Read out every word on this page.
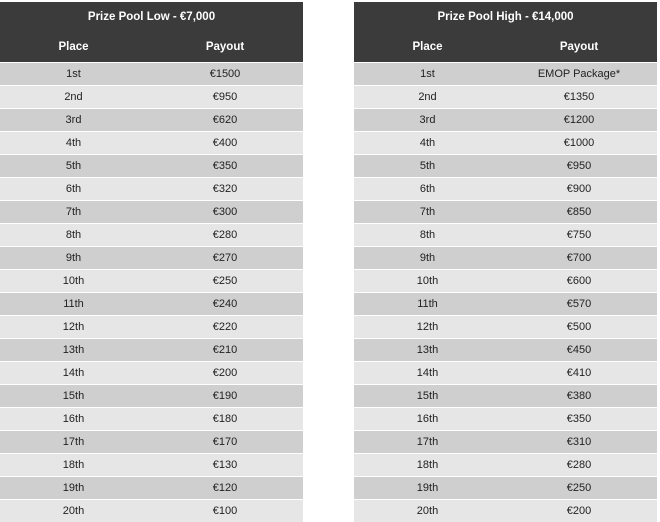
Prize Pool Low - €7,000	
Place	Payout
1st	€1500
2nd	€950
3rd	€620
4th	€400
5th	€350
6th	€320
7th	€300
8th	€280
9th	€270
10th	€250
11th	€240
12th	€220
13th	€210
14th	€200
15th	€190
16th	€180
17th	€170
18th	€130
19th	€120
20th	€100
Prize Pool High - €14,000	
Place	Payout
1st	EMOP Package*
2nd	€1350
3rd	€1200
4th	€1000
5th	€950
6th	€900
7th	€850
8th	€750
9th	€700
10th	€600
11th	€570
12th	€500
13th	€450
14th	€410
15th	€380
16th	€350
17th	€310
18th	€280
19th	€250
20th	€200
